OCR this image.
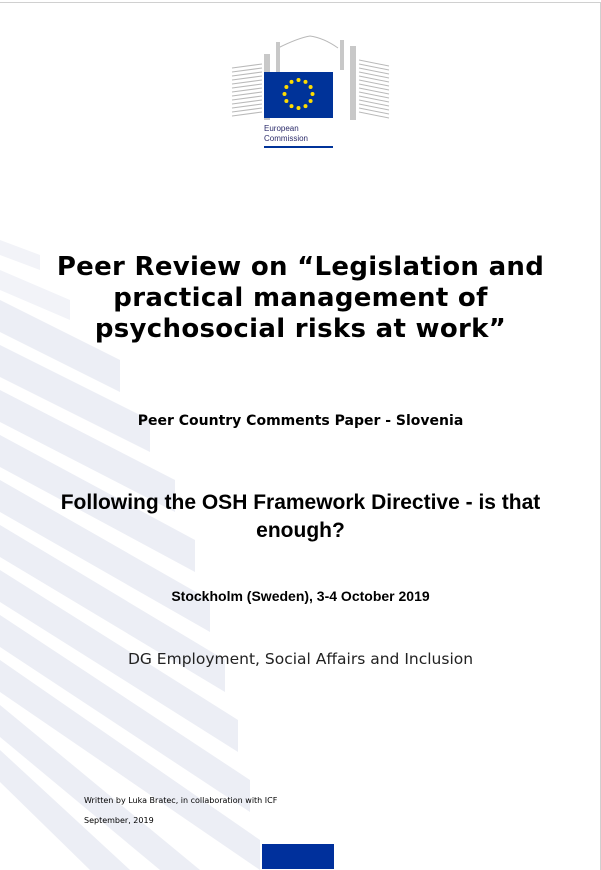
European
Commission
Peer Review on “Legislation and practical management of psychosocial risks at work”

Peer Country Comments Paper - Slovenia

Following the OSH Framework Directive - is that enough?

Stockholm (Sweden), 3-4 October 2019

DG Employment, Social Affairs and Inclusion

Written by Luka Bratec, in collaboration with ICF
September, 2019
